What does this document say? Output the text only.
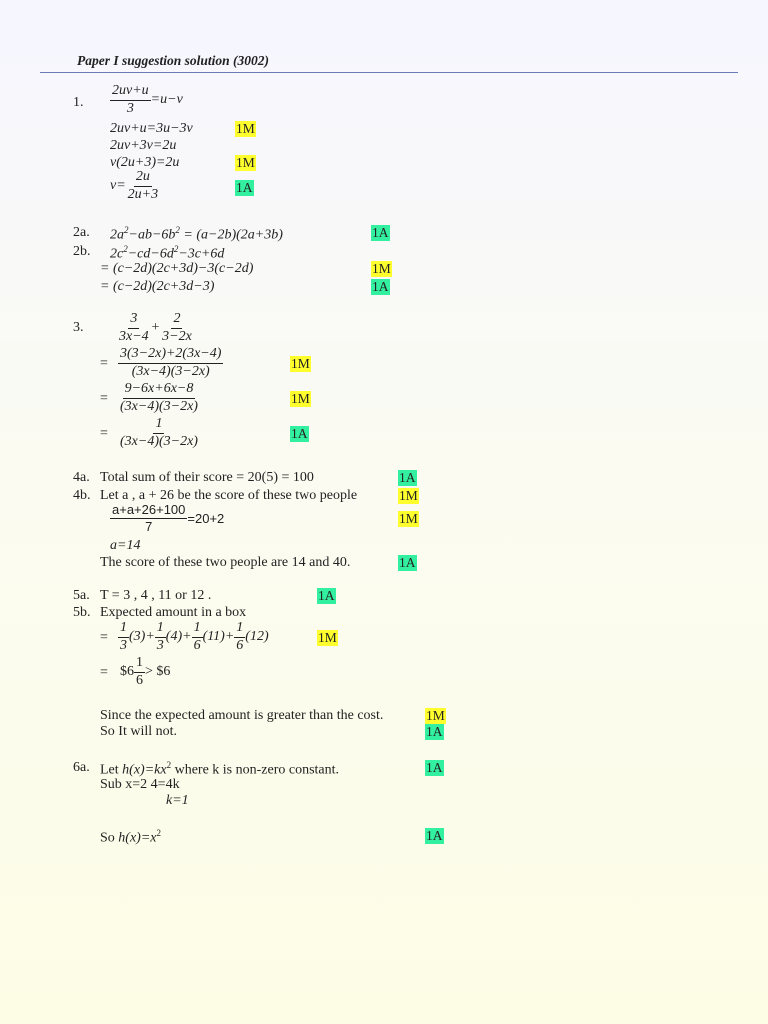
Paper I suggestion solution (3002)
1. $\frac{2uv+u}{3} =u-v$
2uv+u=3u−3v	1M
2uv+3v=2u
v(2u+3)=2u	1M
$v= \frac{2u}{2u+3}$	1A
2a. $2a^2-ab-6b^2 = (a-2b)(2a+3b)$	1A
2b. $2c^2-cd-6d^2-3c+6d$
= (c−2d)(2c+3d)−3(c−2d)	1M
= (c−2d)(2c+3d−3)	1A
3. $\frac{3}{3x-4} + \frac{2}{3-2x}$
= $\frac{3(3-2x)+2(3x-4)}{(3x-4)(3-2x)}$	1M
= $\frac{9-6x+6x-8}{(3x-4)(3-2x)}$	1M
= $\frac{1}{(3x-4)(3-2x)}$	1A
4a. Total sum of their score = 20(5) = 100	1A
4b. Let a , a + 26 be the score of these two people	1M
$\frac{a+a+26+100}{7} =20+2$	1M
a=14
The score of these two people are 14 and 40.	1A
5a. T = 3 , 4 , 11 or 12 .	1A
5b. Expected amount in a box
= $\frac{1}{3} (3)+ \frac{1}{3} (4)+ \frac{1}{6} (11)+ \frac{1}{6} (12)$	1M
= $6 $\frac{1}{6}$ > $6
Since the expected amount is greater than the cost.	1M
So It will not.	1A
6a. Let $h(x)=kx^2$ where k is non-zero constant.	1A
Sub x=2 4=4k
k=1
So $h(x)=x^2$	1A
